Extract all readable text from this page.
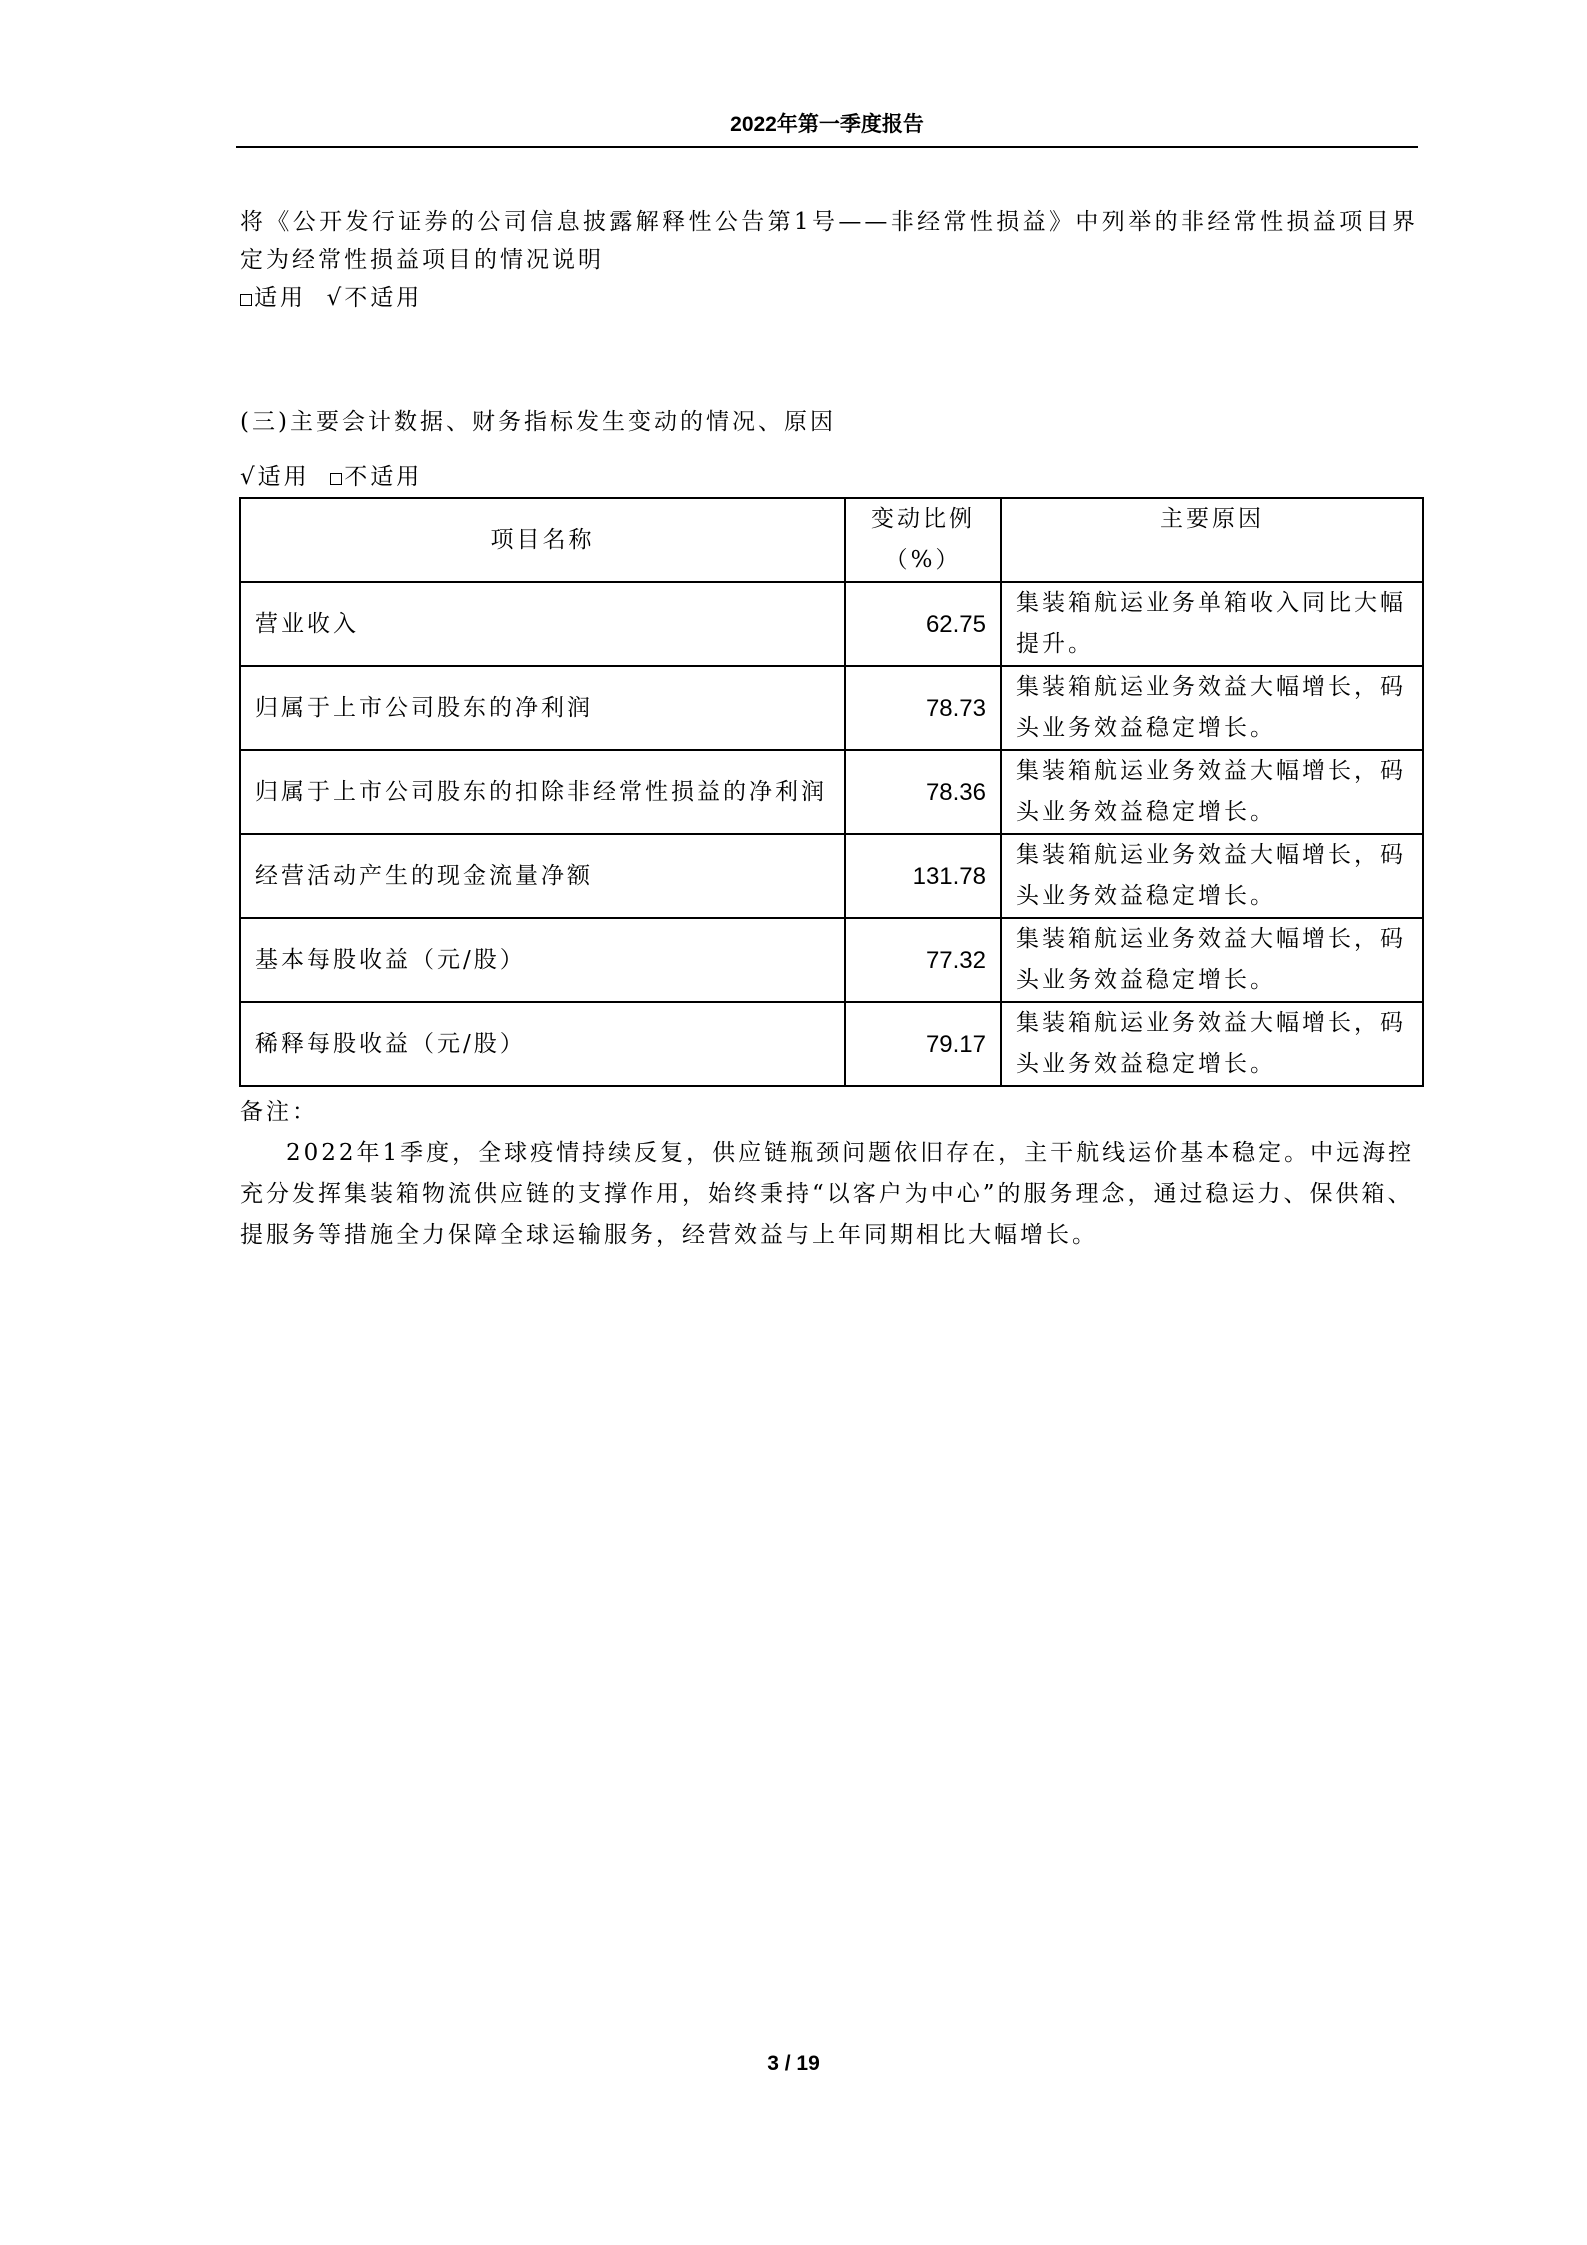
2022年第一季度报告
将《公开发行证券的公司信息披露解释性公告第1号——非经常性损益》中列举的非经常性损益项目界定为经常性损益项目的情况说明
适用 √不适用
(三)主要会计数据、财务指标发生变动的情况、原因
√适用 不适用
项目名称	变动比例（%）	主要原因
营业收入	62.75	集装箱航运业务单箱收入同比大幅提升。
归属于上市公司股东的净利润	78.73	集装箱航运业务效益大幅增长，码头业务效益稳定增长。
归属于上市公司股东的扣除非经常性损益的净利润	78.36	集装箱航运业务效益大幅增长，码头业务效益稳定增长。
经营活动产生的现金流量净额	131.78	集装箱航运业务效益大幅增长，码头业务效益稳定增长。
基本每股收益（元/股）	77.32	集装箱航运业务效益大幅增长，码头业务效益稳定增长。
稀释每股收益（元/股）	79.17	集装箱航运业务效益大幅增长，码头业务效益稳定增长。
备注：
2022年1季度，全球疫情持续反复，供应链瓶颈问题依旧存在，主干航线运价基本稳定。中远海控充分发挥集装箱物流供应链的支撑作用，始终秉持“以客户为中心”的服务理念，通过稳运力、保供箱、提服务等措施全力保障全球运输服务，经营效益与上年同期相比大幅增长。
3 / 19
